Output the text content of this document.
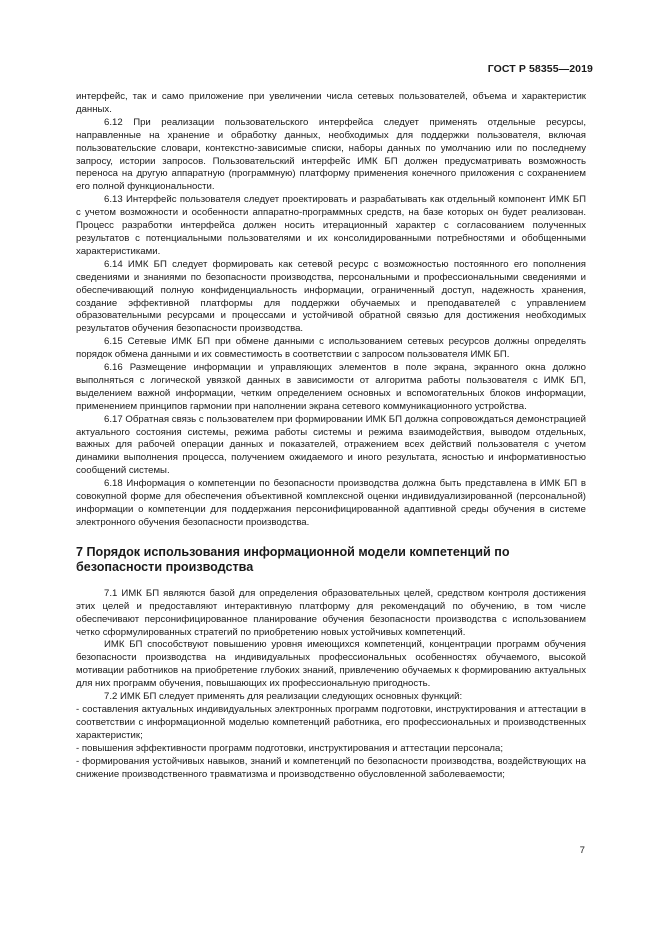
ГОСТ Р 58355—2019

интерфейс, так и само приложение при увеличении числа сетевых пользователей, объема и характеристик данных.

6.12 При реализации пользовательского интерфейса следует применять отдельные ресурсы, направленные на хранение и обработку данных, необходимых для поддержки пользователя, включая пользовательские словари, контекстно-зависимые списки, наборы данных по умолчанию или по последнему запросу, истории запросов. Пользовательский интерфейс ИМК БП должен предусматривать возможность переноса на другую аппаратную (программную) платформу применения конечного приложения с сохранением его полной функциональности.

6.13 Интерфейс пользователя следует проектировать и разрабатывать как отдельный компонент ИМК БП с учетом возможности и особенности аппаратно-программных средств, на базе которых он будет реализован. Процесс разработки интерфейса должен носить итерационный характер с согласованием полученных результатов с потенциальными пользователями и их консолидированными потребностями и обобщенными характеристиками.

6.14 ИМК БП следует формировать как сетевой ресурс с возможностью постоянного его пополнения сведениями и знаниями по безопасности производства, персональными и профессиональными сведениями и обеспечивающий полную конфиденциальность информации, ограниченный доступ, надежность хранения, создание эффективной платформы для поддержки обучаемых и преподавателей с управлением образовательными ресурсами и процессами и устойчивой обратной связью для достижения необходимых результатов обучения безопасности производства.

6.15 Сетевые ИМК БП при обмене данными с использованием сетевых ресурсов должны определять порядок обмена данными и их совместимость в соответствии с запросом пользователя ИМК БП.

6.16 Размещение информации и управляющих элементов в поле экрана, экранного окна должно выполняться с логической увязкой данных в зависимости от алгоритма работы пользователя с ИМК БП, выделением важной информации, четким определением основных и вспомогательных блоков информации, применением принципов гармонии при наполнении экрана сетевого коммуникационного устройства.

6.17 Обратная связь с пользователем при формировании ИМК БП должна сопровождаться демонстрацией актуального состояния системы, режима работы системы и режима взаимодействия, выводом отдельных, важных для рабочей операции данных и показателей, отражением всех действий пользователя с учетом динамики выполнения процесса, получением ожидаемого и иного результата, ясностью и информативностью сообщений системы.

6.18 Информация о компетенции по безопасности производства должна быть представлена в ИМК БП в совокупной форме для обеспечения объективной комплексной оценки индивидуализированной (персональной) информации о компетенции для поддержания персонифицированной адаптивной среды обучения в системе электронного обучения безопасности производства.

7 Порядок использования информационной модели компетенций по безопасности производства

7.1 ИМК БП являются базой для определения образовательных целей, средством контроля достижения этих целей и предоставляют интерактивную платформу для рекомендаций по обучению, в том числе обеспечивают персонифицированное планирование обучения безопасности производства с использованием четко сформулированных стратегий по приобретению новых устойчивых компетенций.

ИМК БП способствуют повышению уровня имеющихся компетенций, концентрации программ обучения безопасности производства на индивидуальных профессиональных особенностях обучаемого, высокой мотивации работников на приобретение глубоких знаний, привлечению обучаемых к формированию актуальных для них программ обучения, повышающих их профессиональную пригодность.

7.2 ИМК БП следует применять для реализации следующих основных функций:

- составления актуальных индивидуальных электронных программ подготовки, инструктирования и аттестации в соответствии с информационной моделью компетенций работника, его профессиональных и производственных характеристик;

- повышения эффективности программ подготовки, инструктирования и аттестации персонала;

- формирования устойчивых навыков, знаний и компетенций по безопасности производства, воздействующих на снижение производственного травматизма и производственно обусловленной заболеваемости;

7
